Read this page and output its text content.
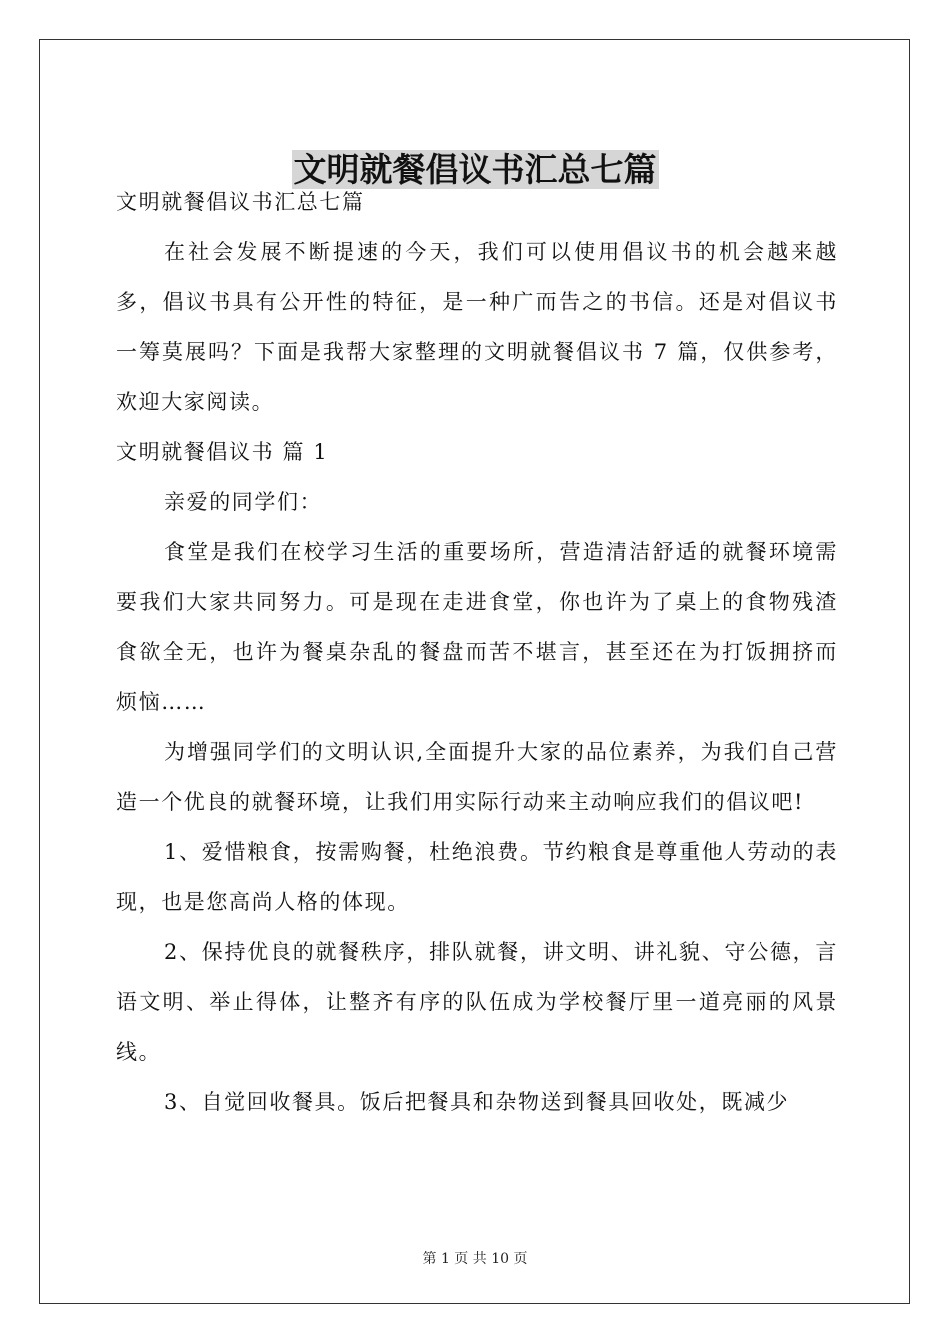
文明就餐倡议书汇总七篇

文明就餐倡议书汇总七篇

在社会发展不断提速的今天，我们可以使用倡议书的机会越来越多，倡议书具有公开性的特征，是一种广而告之的书信。还是对倡议书一筹莫展吗？下面是我帮大家整理的文明就餐倡议书 7 篇，仅供参考，欢迎大家阅读。

文明就餐倡议书 篇 1

亲爱的同学们：

食堂是我们在校学习生活的重要场所，营造清洁舒适的就餐环境需要我们大家共同努力。可是现在走进食堂，你也许为了桌上的食物残渣食欲全无，也许为餐桌杂乱的餐盘而苦不堪言，甚至还在为打饭拥挤而烦恼……

为增强同学们的文明认识,全面提升大家的品位素养，为我们自己营造一个优良的就餐环境，让我们用实际行动来主动响应我们的倡议吧!

1、爱惜粮食，按需购餐，杜绝浪费。节约粮食是尊重他人劳动的表现，也是您高尚人格的体现。

2、保持优良的就餐秩序，排队就餐，讲文明、讲礼貌、守公德，言语文明、举止得体，让整齐有序的队伍成为学校餐厅里一道亮丽的风景线。

3、自觉回收餐具。饭后把餐具和杂物送到餐具回收处，既减少

第 1 页 共 10 页
